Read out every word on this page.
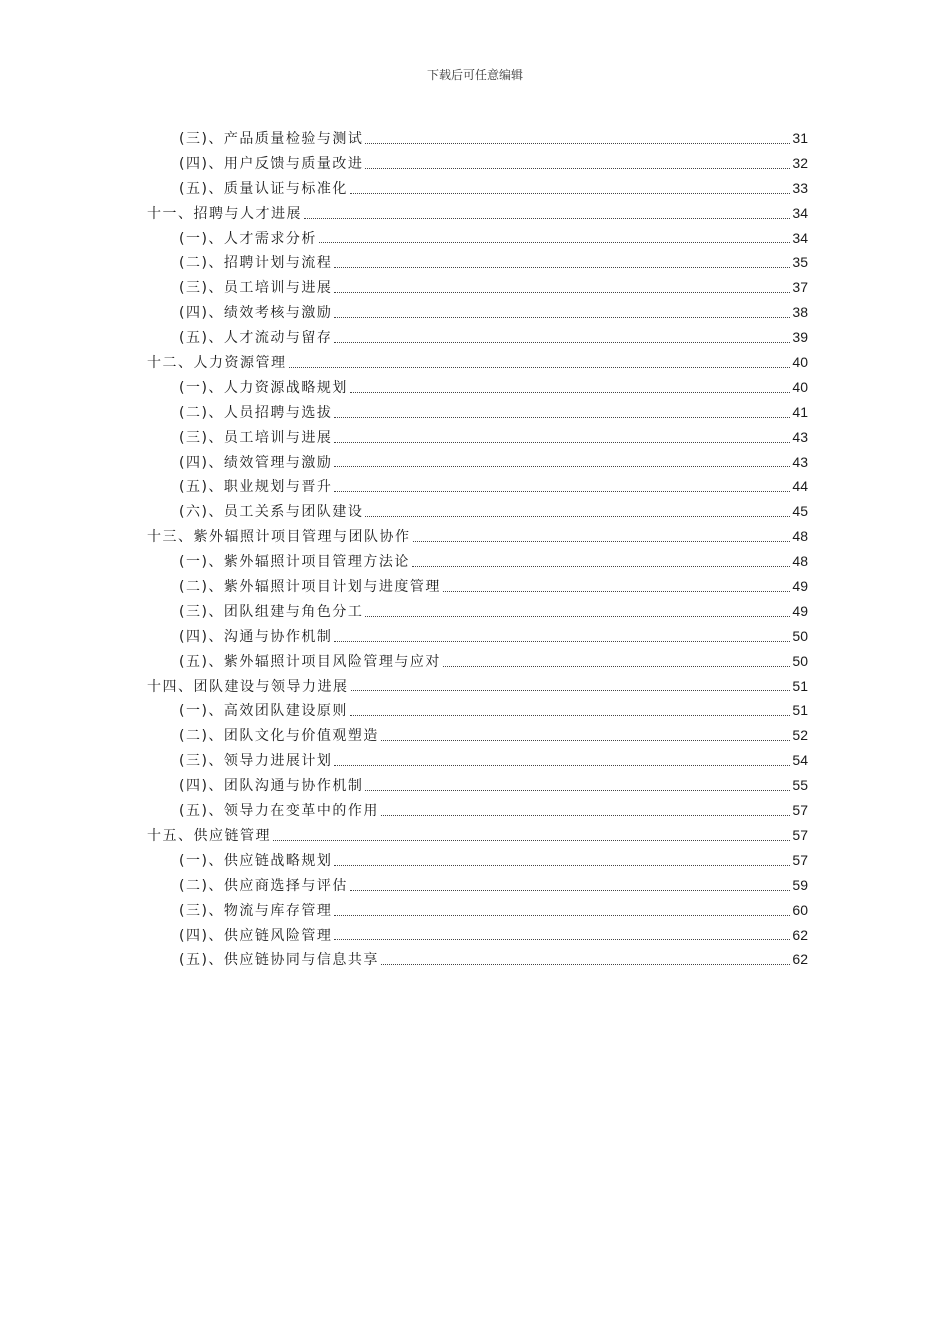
下载后可任意编辑
(三)、产品质量检验与测试	31
(四)、用户反馈与质量改进	32
(五)、质量认证与标准化	33
十一、招聘与人才进展	34
(一)、人才需求分析	34
(二)、招聘计划与流程	35
(三)、员工培训与进展	37
(四)、绩效考核与激励	38
(五)、人才流动与留存	39
十二、人力资源管理	40
(一)、人力资源战略规划	40
(二)、人员招聘与选拔	41
(三)、员工培训与进展	43
(四)、绩效管理与激励	43
(五)、职业规划与晋升	44
(六)、员工关系与团队建设	45
十三、紫外辐照计项目管理与团队协作	48
(一)、紫外辐照计项目管理方法论	48
(二)、紫外辐照计项目计划与进度管理	49
(三)、团队组建与角色分工	49
(四)、沟通与协作机制	50
(五)、紫外辐照计项目风险管理与应对	50
十四、团队建设与领导力进展	51
(一)、高效团队建设原则	51
(二)、团队文化与价值观塑造	52
(三)、领导力进展计划	54
(四)、团队沟通与协作机制	55
(五)、领导力在变革中的作用	57
十五、供应链管理	57
(一)、供应链战略规划	57
(二)、供应商选择与评估	59
(三)、物流与库存管理	60
(四)、供应链风险管理	62
(五)、供应链协同与信息共享	62
